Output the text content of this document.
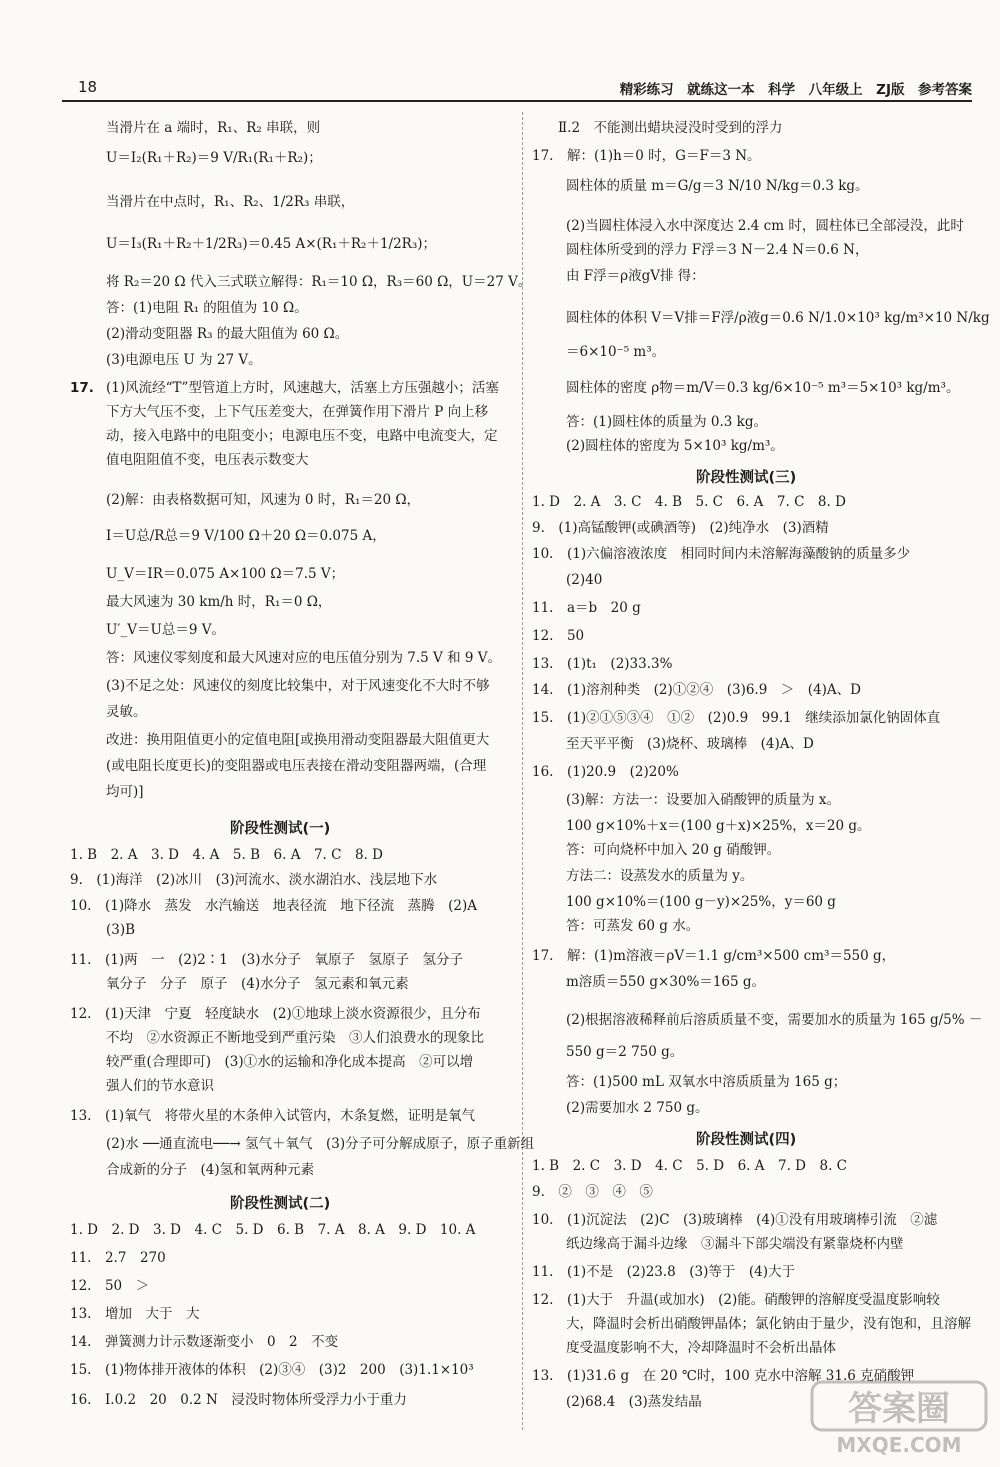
18	精彩练习　就练这一本　科学　八年级上　ZJ版　参考答案
当滑片在 a 端时，R₁、R₂ 串联，则
U＝I₂(R₁＋R₂)＝9 V/R₁(R₁＋R₂)；
当滑片在中点时，R₁、R₂、1/2R₃ 串联，
U＝I₃(R₁＋R₂＋1/2R₃)＝0.45 A×(R₁＋R₂＋1/2R₃)；
将 R₂＝20 Ω 代入三式联立解得：R₁＝10 Ω，R₃＝60 Ω，U＝27 V。
答：(1)电阻 R₁ 的阻值为 10 Ω。
(2)滑动变阻器 R₃ 的最大阻值为 60 Ω。
(3)电源电压 U 为 27 V。
17. (1)风流经“T”型管道上方时，风速越大，活塞上方压强越小；活塞
下方大气压不变，上下气压差变大，在弹簧作用下滑片 P 向上移
动，接入电路中的电阻变小；电源电压不变，电路中电流变大，定
值电阻阻值不变，电压表示数变大
(2)解：由表格数据可知，风速为 0 时，R₁＝20 Ω，
I＝U总/R总＝9 V/100 Ω＋20 Ω＝0.075 A，
U_V＝IR＝0.075 A×100 Ω＝7.5 V；
最大风速为 30 km/h 时，R₁＝0 Ω，
U′_V＝U总＝9 V。
答：风速仪零刻度和最大风速对应的电压值分别为 7.5 V 和 9 V。
(3)不足之处：风速仪的刻度比较集中，对于风速变化不大时不够
灵敏。
改进：换用阻值更小的定值电阻[或换用滑动变阻器最大阻值更大
(或电阻长度更长)的变阻器或电压表接在滑动变阻器两端，(合理
均可)]
阶段性测试(一)
1. B　2. A　3. D　4. A　5. B　6. A　7. C　8. D
9.　(1)海洋　(2)冰川　(3)河流水、淡水湖泊水、浅层地下水
10.　(1)降水　蒸发　水汽输送　地表径流　地下径流　蒸腾　(2)A
(3)B
11.　(1)两　一　(2)2∶1　(3)水分子　氧原子　氢原子　氢分子
氧分子　分子　原子　(4)水分子　氢元素和氧元素
12.　(1)天津　宁夏　轻度缺水　(2)①地球上淡水资源很少，且分布
不均　②水资源正不断地受到严重污染　③人们浪费水的现象比
较严重(合理即可)　(3)①水的运输和净化成本提高　②可以增
强人们的节水意识
13.　(1)氧气　将带火星的木条伸入试管内，木条复燃，证明是氧气
(2)水 ──通直流电──→ 氢气＋氧气　(3)分子可分解成原子，原子重新组
合成新的分子　(4)氢和氧两种元素
阶段性测试(二)
1. D　2. D　3. D　4. C　5. D　6. B　7. A　8. A　9. D　10. A
11.　2.7　270
12.　50　＞
13.　增加　大于　大
14.　弹簧测力计示数逐渐变小　0　2　不变
15.　(1)物体排开液体的体积　(2)③④　(3)2　200　(3)1.1×10³
16.　Ⅰ.0.2　20　0.2 N　浸没时物体所受浮力小于重力
Ⅱ.2　不能测出蜡块浸没时受到的浮力
17.　解：(1)h＝0 时，G＝F＝3 N。
圆柱体的质量 m＝G/g＝3 N/10 N/kg＝0.3 kg。
(2)当圆柱体浸入水中深度达 2.4 cm 时，圆柱体已全部浸没，此时
圆柱体所受到的浮力 F浮＝3 N－2.4 N＝0.6 N，
由 F浮＝ρ液gV排 得：
圆柱体的体积 V＝V排＝F浮/ρ液g＝0.6 N/1.0×10³ kg/m³×10 N/kg
＝6×10⁻⁵ m³。
圆柱体的密度 ρ物＝m/V＝0.3 kg/6×10⁻⁵ m³＝5×10³ kg/m³。
答：(1)圆柱体的质量为 0.3 kg。
(2)圆柱体的密度为 5×10³ kg/m³。
阶段性测试(三)
1. D　2. A　3. C　4. B　5. C　6. A　7. C　8. D
9.　(1)高锰酸钾(或碘酒等)　(2)纯净水　(3)酒精
10.　(1)六偏溶液浓度　相同时间内未溶解海藻酸钠的质量多少
(2)40
11.　a＝b　20 g
12.　50
13.　(1)t₁　(2)33.3%
14.　(1)溶剂种类　(2)①②④　(3)6.9　＞　(4)A、D
15.　(1)②①⑤③④　①②　(2)0.9　99.1　继续添加氯化钠固体直
至天平平衡　(3)烧杯、玻璃棒　(4)A、D
16.　(1)20.9　(2)20%
(3)解：方法一：设要加入硝酸钾的质量为 x。
100 g×10%＋x＝(100 g＋x)×25%，x＝20 g。
答：可向烧杯中加入 20 g 硝酸钾。
方法二：设蒸发水的质量为 y。
100 g×10%＝(100 g－y)×25%，y＝60 g
答：可蒸发 60 g 水。
17.　解：(1)m溶液＝ρV＝1.1 g/cm³×500 cm³＝550 g，
m溶质＝550 g×30%＝165 g。
(2)根据溶液稀释前后溶质质量不变，需要加水的质量为 165 g/5% －
550 g＝2 750 g。
答：(1)500 mL 双氧水中溶质质量为 165 g；
(2)需要加水 2 750 g。
阶段性测试(四)
1. B　2. C　3. D　4. C　5. D　6. A　7. D　8. C
9.　②　③　④　⑤
10.　(1)沉淀法　(2)C　(3)玻璃棒　(4)①没有用玻璃棒引流　②滤
纸边缘高于漏斗边缘　③漏斗下部尖端没有紧靠烧杯内壁
11.　(1)不是　(2)23.8　(3)等于　(4)大于
12.　(1)大于　升温(或加水)　(2)能。硝酸钾的溶解度受温度影响较
大，降温时会析出硝酸钾晶体；氯化钠由于量少，没有饱和，且溶解
度受温度影响不大，冷却降温时不会析出晶体
13.　(1)31.6 g　在 20 ℃时，100 克水中溶解 31.6 克硝酸钾
(2)68.4　(3)蒸发结晶	答案圈
MXQE.COM
